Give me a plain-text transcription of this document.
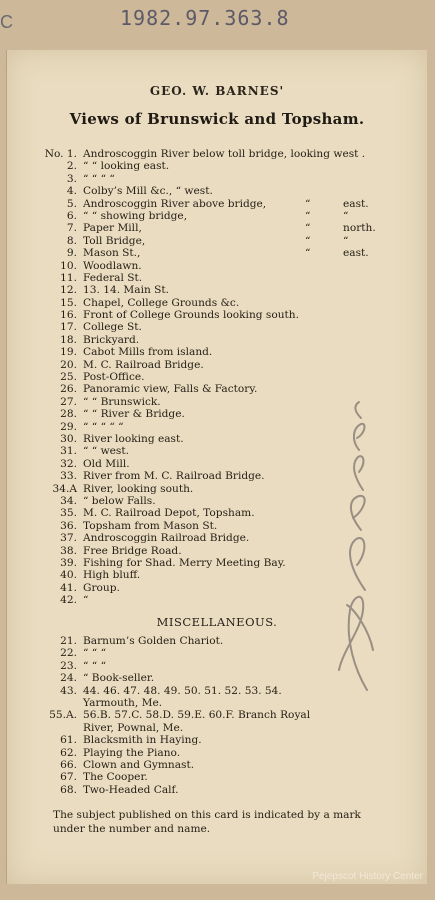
C	1982.97.363.8
GEO. W. BARNES'
Views of Brunswick and Topsham.
No. 1. Androscoggin River below toll bridge, looking west .
2. “ “ looking east.
3. “ “ “ “
4. Colby’s Mill &c., “ west.
5. Androscoggin River above bridge,	“	east.
6. “ “ showing bridge,	“	“
7. Paper Mill,	“	north.
8. Toll Bridge,	“	“
9. Mason St.,	“	east.
10. Woodlawn.
11. Federal St.
12. 13. 14. Main St.
15. Chapel, College Grounds &c.
16. Front of College Grounds looking south.
17. College St.
18. Brickyard.
19. Cabot Mills from island.
20. M. C. Railroad Bridge.
25. Post-Office.
26. Panoramic view, Falls & Factory.
27. “ “ Brunswick.
28. “ “ River & Bridge.
29. “ “ “ “ “
30. River looking east.
31. “ “ west.
32. Old Mill.
33. River from M. C. Railroad Bridge.
34.A River, looking south.
34. “ below Falls.
35. M. C. Railroad Depot, Topsham.
36. Topsham from Mason St.
37. Androscoggin Railroad Bridge.
38. Free Bridge Road.
39. Fishing for Shad. Merry Meeting Bay.
40. High bluff.
41. Group.
42. “
MISCELLANEOUS.
21. Barnum’s Golden Chariot.
22. “ “ “
23. “ “ “
24. “ Book-seller.
43. 44. 46. 47. 48. 49. 50. 51. 52. 53. 54.
Yarmouth, Me.
55.A. 56.B. 57.C. 58.D. 59.E. 60.F. Branch Royal
River, Pownal, Me.
61. Blacksmith in Haying.
62. Playing the Piano.
66. Clown and Gymnast.
67. The Cooper.
68. Two-Headed Calf.
The subject published on this card is indicated by a mark under the number and name.
Pejepscot History Center
